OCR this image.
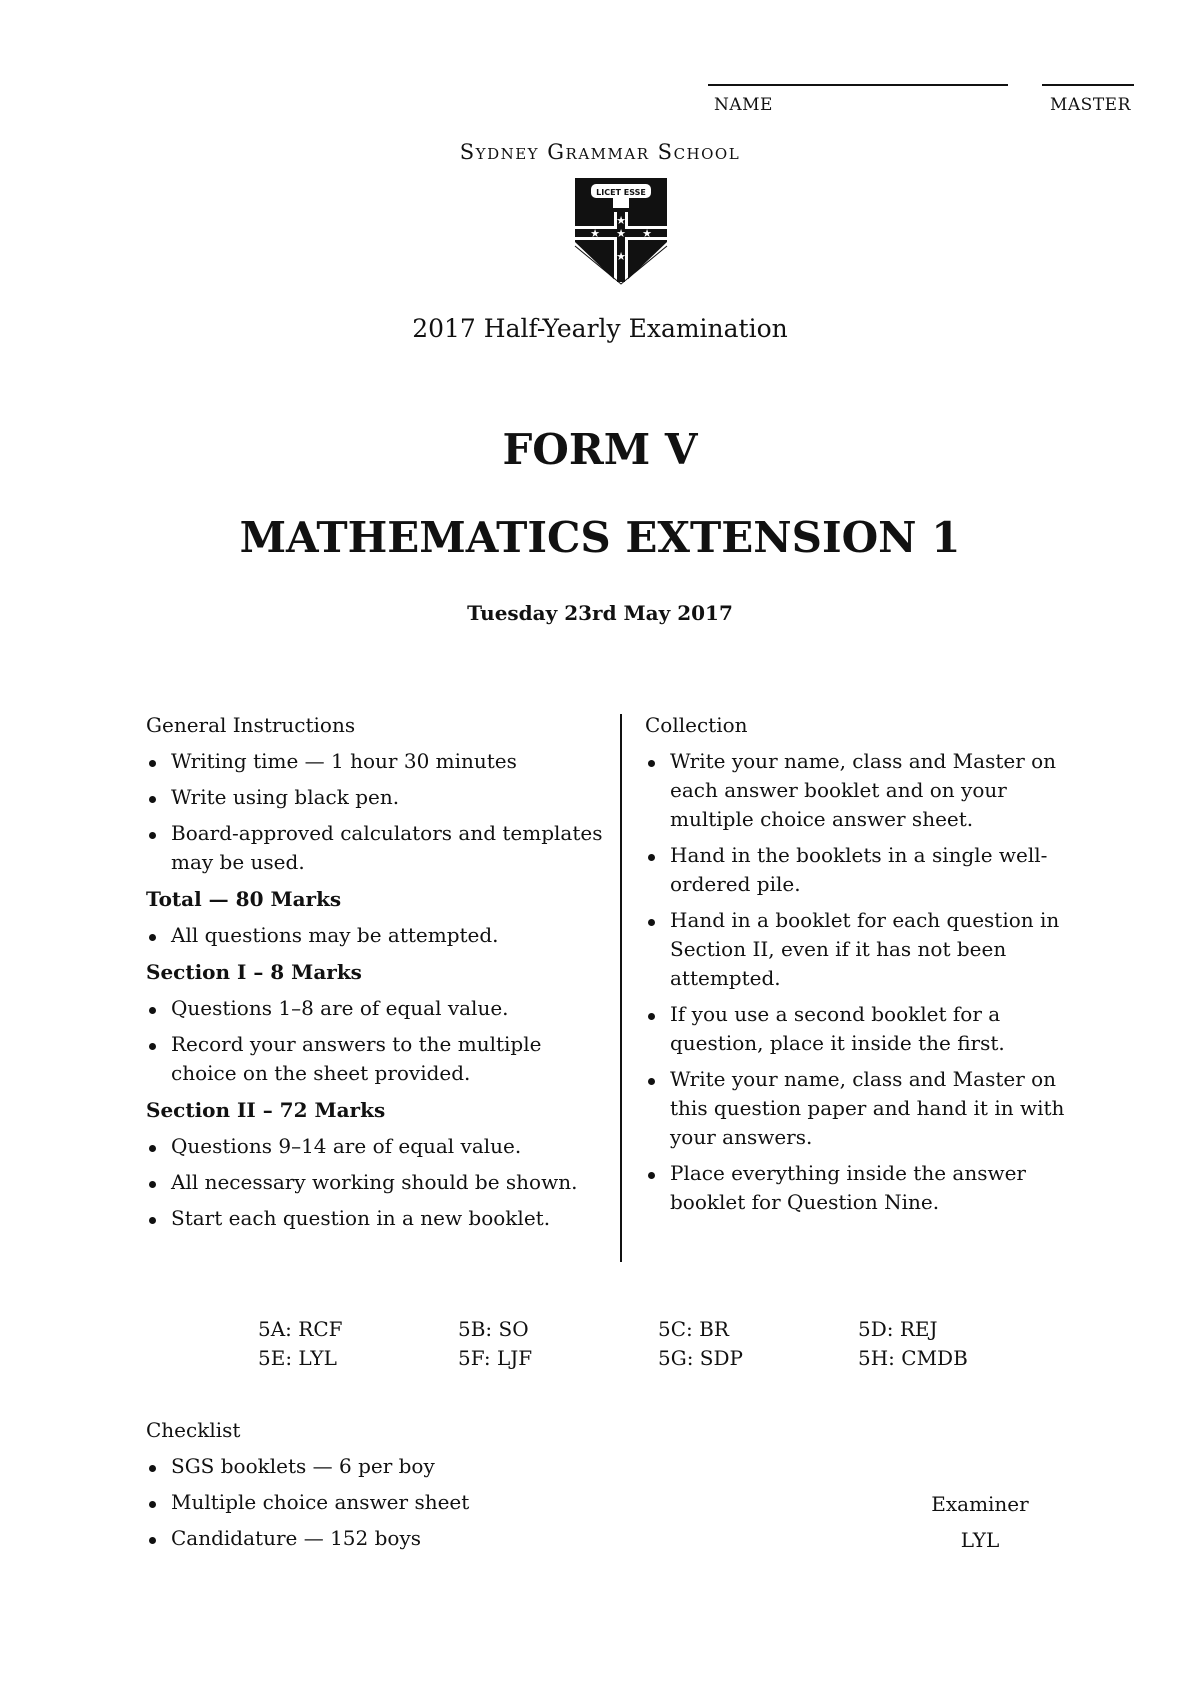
NAME	MASTER
Sydney Grammar School
LICET ESSE
★
★ ★ ★
★
2017 Half-Yearly Examination
FORM V
MATHEMATICS EXTENSION 1
Tuesday 23rd May 2017
General Instructions
Writing time — 1 hour 30 minutes
Write using black pen.
Board-approved calculators and templates may be used.
Total — 80 Marks
All questions may be attempted.
Section I – 8 Marks
Questions 1–8 are of equal value.
Record your answers to the multiple choice on the sheet provided.
Section II – 72 Marks
Questions 9–14 are of equal value.
All necessary working should be shown.
Start each question in a new booklet.
Collection
Write your name, class and Master on each answer booklet and on your multiple choice answer sheet.
Hand in the booklets in a single well-ordered pile.
Hand in a booklet for each question in Section II, even if it has not been attempted.
If you use a second booklet for a question, place it inside the first.
Write your name, class and Master on this question paper and hand it in with your answers.
Place everything inside the answer booklet for Question Nine.
5A: RCF	5B: SO	5C: BR	5D: REJ
5E: LYL	5F: LJF	5G: SDP	5H: CMDB
Checklist
SGS booklets — 6 per boy
Multiple choice answer sheet
Candidature — 152 boys
Examiner
LYL
